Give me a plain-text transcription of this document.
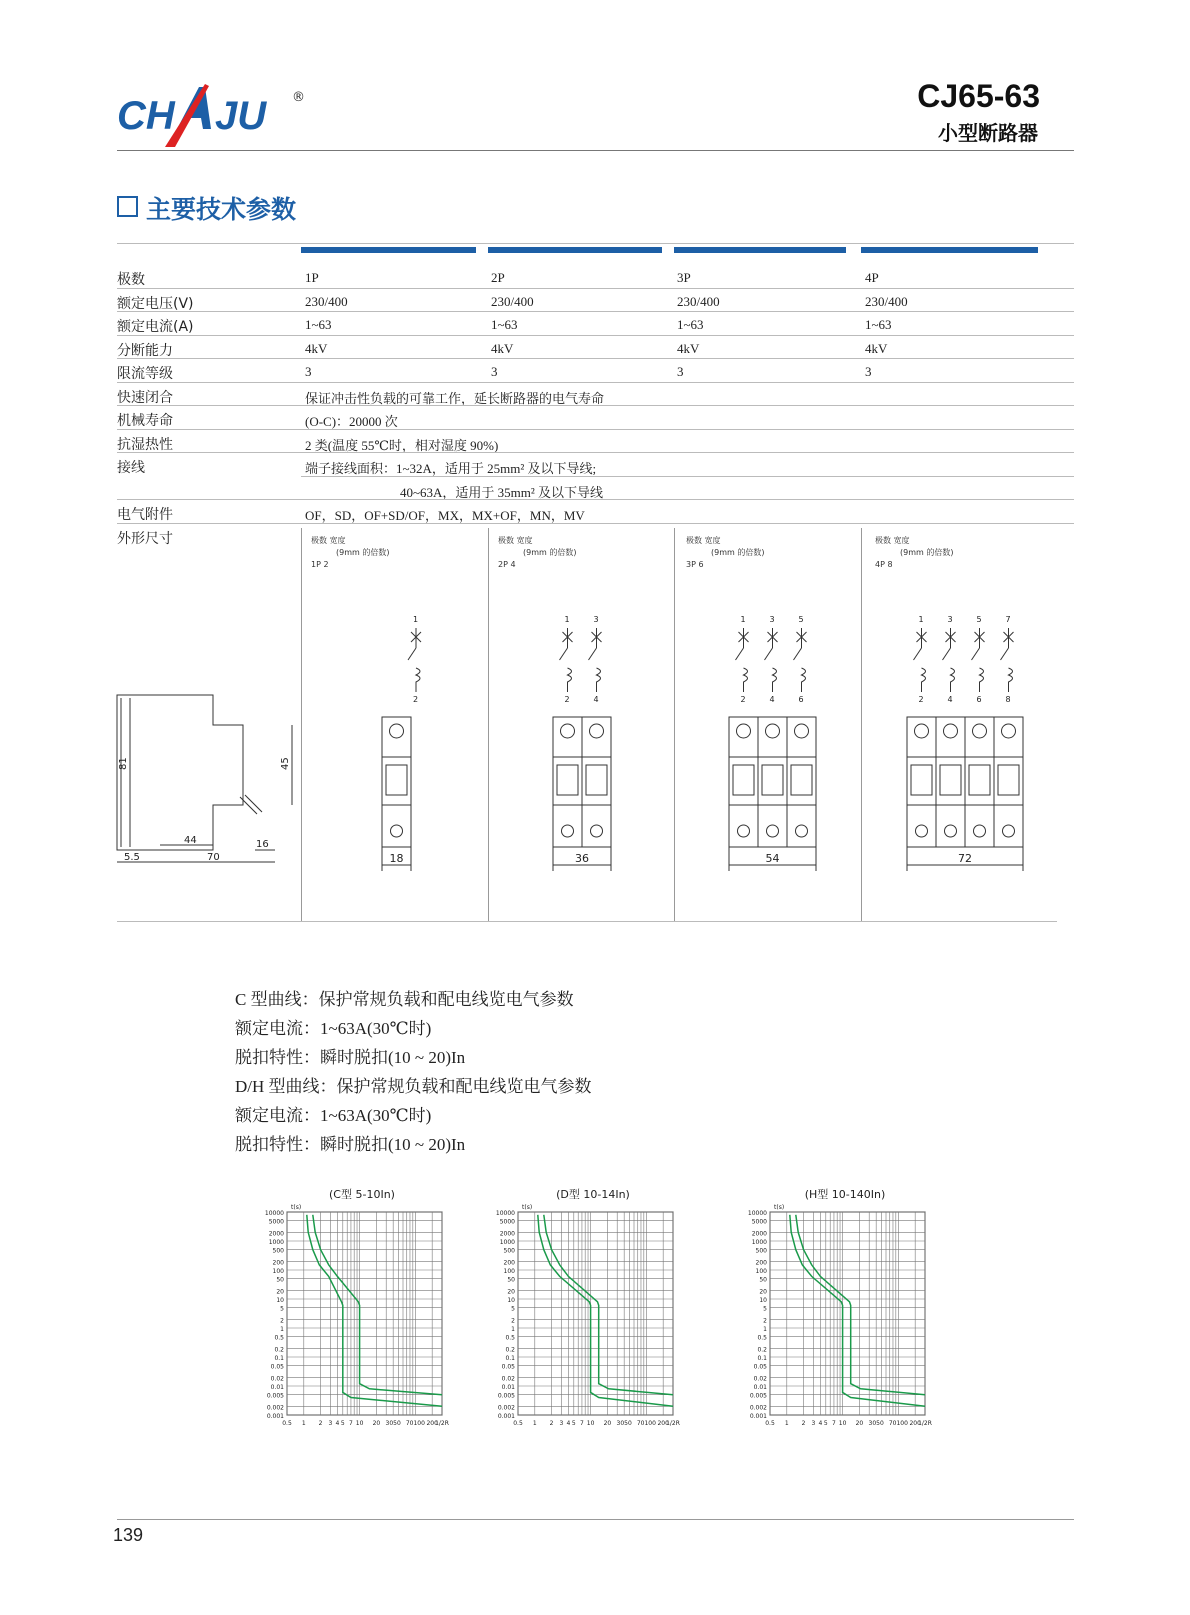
CH JU ®	CJ65-63
小型断路器
主要技术参数
极数	1P	2P	3P	4P
额定电压(V)	230/400	230/400	230/400	230/400
额定电流(A)	1~63	1~63	1~63	1~63
分断能力	4kV	4kV	4kV	4kV
限流等级	3	3	3	3
快速闭合	保证冲击性负载的可靠工作，延长断路器的电气寿命
机械寿命	(O-C)：20000 次
抗湿热性	2 类(温度 55℃时，相对湿度 90%)
接线	端子接线面积：1~32A，适用于 25mm² 及以下导线;
40~63A，适用于 35mm² 及以下导线
电气附件	OF，SD，OF+SD/OF，MX，MX+OF，MN，MV
外形尺寸	极数 宽度
(9mm 的倍数)
1P 2
极数 宽度
(9mm 的倍数)
2P 4
极数 宽度
(9mm 的倍数)
3P 6
极数 宽度
(9mm 的倍数)
4P 8
81	45
44	16
5.5	70
1
2
18
1
2
3
4
36
1
2
3
4
5
6
54
1
2
3
4
5
6
7
8
72
C 型曲线：保护常规负载和配电线览电气参数
额定电流：1~63A(30℃时)
脱扣特性：瞬时脱扣(10 ~ 20)In
D/H 型曲线：保护常规负载和配电线览电气参数
额定电流：1~63A(30℃时)
脱扣特性：瞬时脱扣(10 ~ 20)In
(C型 5-10In)
10000
5000
2000
1000
500
200
100
50
20
10
5
2
1
0.5
0.2
0.1
0.05
0.02
0.01
0.005
0.002
0.001
t(s)
0.5 1 2 3 4 5 7 10 20 3050 70100 200
1/2R
(D型 10-14In)
10000
5000
2000
1000
500
200
100
50
20
10
5
2
1
0.5
0.2
0.1
0.05
0.02
0.01
0.005
0.002
0.001
t(s)
0.5 1 2 3 4 5 7 10 20 3050 70100 200
1/2R
(H型 10-140In)
10000
5000
2000
1000
500
200
100
50
20
10
5
2
1
0.5
0.2
0.1
0.05
0.02
0.01
0.005
0.002
0.001
t(s)
0.5 1 2 3 4 5 7 10 20 3050 70100 200
1/2R
139
